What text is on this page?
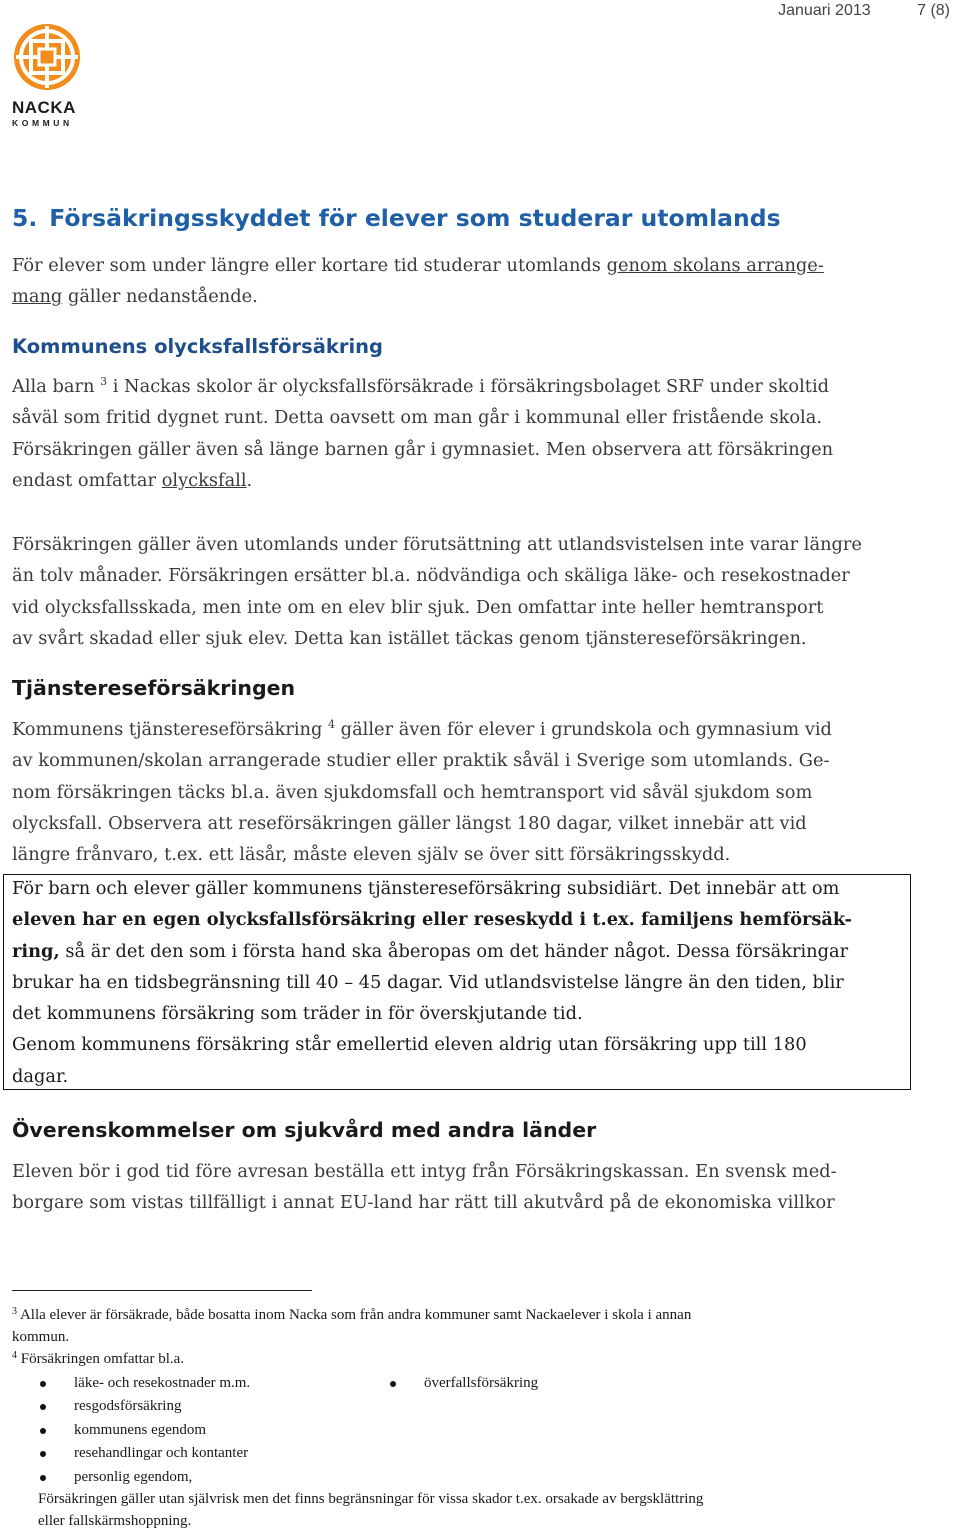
Januari 2013	7 (8)
NACKA
KOMMUN
5. Försäkringsskyddet för elever som studerar utomlands
För elever som under längre eller kortare tid studerar utomlands genom skolans arrange-
mang gäller nedanstående.
Kommunens olycksfallsförsäkring
Alla barn $^3$ i Nackas skolor är olycksfallsförsäkrade i försäkringsbolaget SRF under skoltid
såväl som fritid dygnet runt. Detta oavsett om man går i kommunal eller fristående skola.
Försäkringen gäller även så länge barnen går i gymnasiet. Men observera att försäkringen
endast omfattar olycksfall.
Försäkringen gäller även utomlands under förutsättning att utlandsvistelsen inte varar längre
än tolv månader. Försäkringen ersätter bl.a. nödvändiga och skäliga läke- och resekostnader
vid olycksfallsskada, men inte om en elev blir sjuk. Den omfattar inte heller hemtransport
av svårt skadad eller sjuk elev. Detta kan istället täckas genom tjänstereseförsäkringen.
Tjänstereseförsäkringen
Kommunens tjänstereseförsäkring $^4$ gäller även för elever i grundskola och gymnasium vid
av kommunen/skolan arrangerade studier eller praktik såväl i Sverige som utomlands. Ge-
nom försäkringen täcks bl.a. även sjukdomsfall och hemtransport vid såväl sjukdom som
olycksfall. Observera att reseförsäkringen gäller längst 180 dagar, vilket innebär att vid
längre frånvaro, t.ex. ett läsår, måste eleven själv se över sitt försäkringsskydd.
För barn och elever gäller kommunens tjänstereseförsäkring subsidiärt. Det innebär att om
eleven har en egen olycksfallsförsäkring eller reseskydd i t.ex. familjens hemförsäk-
ring, så är det den som i första hand ska åberopas om det händer något. Dessa försäkringar
brukar ha en tidsbegränsning till 40 – 45 dagar. Vid utlandsvistelse längre än den tiden, blir
det kommunens försäkring som träder in för överskjutande tid.
Genom kommunens försäkring står emellertid eleven aldrig utan försäkring upp till 180
dagar.
Överenskommelser om sjukvård med andra länder
Eleven bör i god tid före avresan beställa ett intyg från Försäkringskassan. En svensk med-
borgare som vistas tillfälligt i annat EU-land har rätt till akutvård på de ekonomiska villkor
$^3$ Alla elever är försäkrade, både bosatta inom Nacka som från andra kommuner samt Nackaelever i skola i annan
kommun.
$^4$ Försäkringen omfattar bl.a.
läke- och resekostnader m.m.
resgodsförsäkring
kommunens egendom
resehandlingar och kontanter
personlig egendom,
överfallsförsäkring
Försäkringen gäller utan självrisk men det finns begränsningar för vissa skador t.ex. orsakade av bergsklättring
eller fallskärmshoppning.
